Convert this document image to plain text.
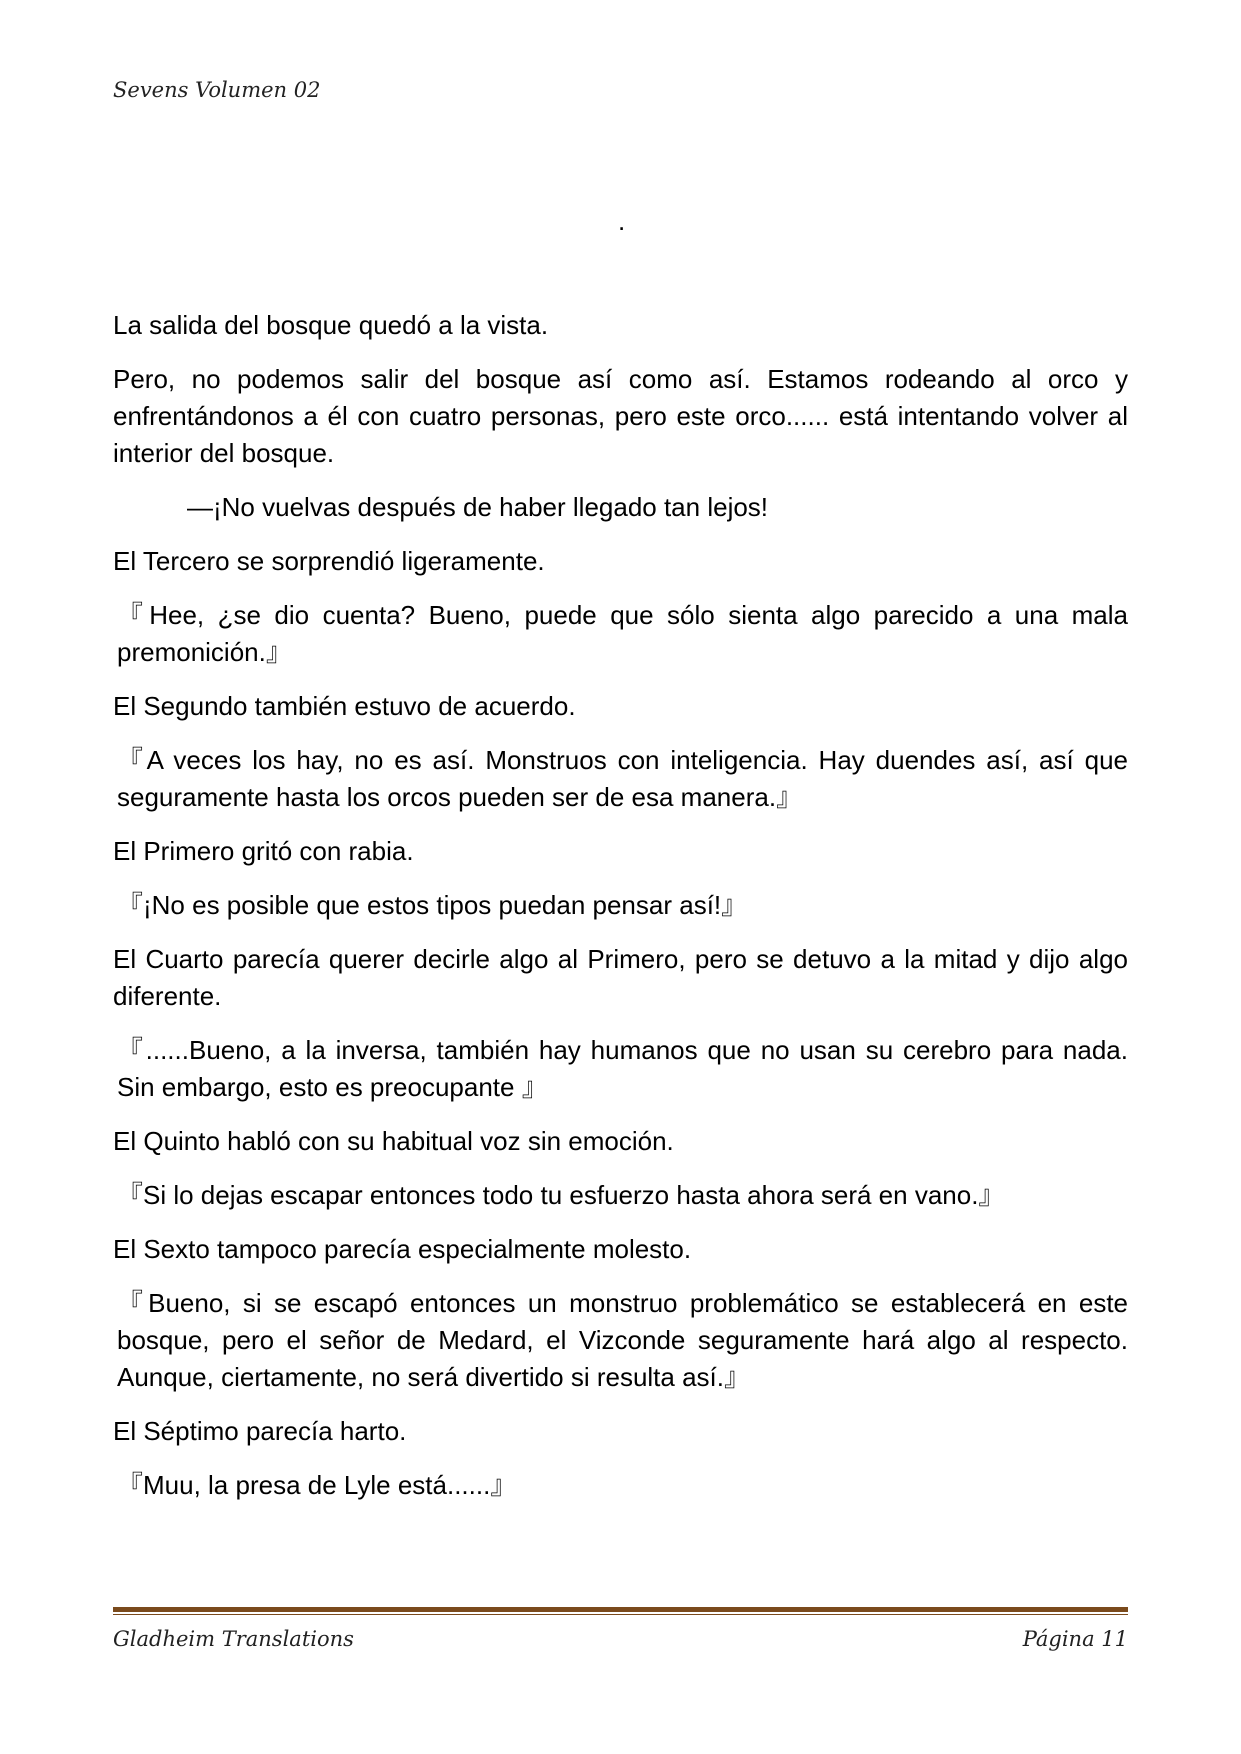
Sevens Volumen 02
.

La salida del bosque quedó a la vista.

Pero, no podemos salir del bosque así como así. Estamos rodeando al orco y enfrentándonos a él con cuatro personas, pero este orco...... está intentando volver al interior del bosque.

—¡No vuelvas después de haber llegado tan lejos!

El Tercero se sorprendió ligeramente.

『Hee, ¿se dio cuenta? Bueno, puede que sólo sienta algo parecido a una mala premonición.』

El Segundo también estuvo de acuerdo.

『A veces los hay, no es así. Monstruos con inteligencia. Hay duendes así, así que seguramente hasta los orcos pueden ser de esa manera.』

El Primero gritó con rabia.

『¡No es posible que estos tipos puedan pensar así!』

El Cuarto parecía querer decirle algo al Primero, pero se detuvo a la mitad y dijo algo diferente.

『......Bueno, a la inversa, también hay humanos que no usan su cerebro para nada. Sin embargo, esto es preocupante 』

El Quinto habló con su habitual voz sin emoción.

『Si lo dejas escapar entonces todo tu esfuerzo hasta ahora será en vano.』

El Sexto tampoco parecía especialmente molesto.

『Bueno, si se escapó entonces un monstruo problemático se establecerá en este bosque, pero el señor de Medard, el Vizconde seguramente hará algo al respecto. Aunque, ciertamente, no será divertido si resulta así.』

El Séptimo parecía harto.

『Muu, la presa de Lyle está......』

Gladheim Translations	Página 11
